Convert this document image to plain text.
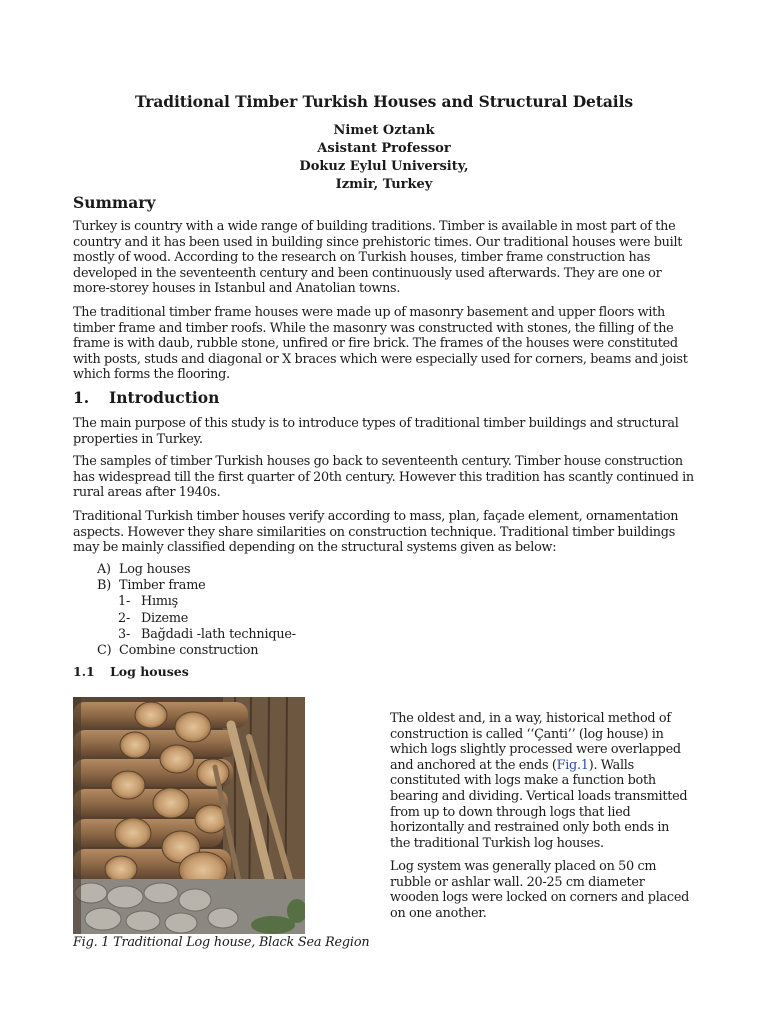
Traditional Timber Turkish Houses and Structural Details
Nimet Oztank
Asistant Professor
Dokuz Eylul University,
Izmir, Turkey
Summary

Turkey is country with a wide range of building traditions. Timber is available in most part of the country and it has been used in building since prehistoric times. Our traditional houses were built mostly of wood. According to the research on Turkish houses, timber frame construction has developed in the seventeenth century and been continuously used afterwards. They are one or more-storey houses in Istanbul and Anatolian towns.

The traditional timber frame houses were made up of masonry basement and upper floors with timber frame and timber roofs. While the masonry was constructed with stones, the filling of the frame is with daub, rubble stone, unfired or fire brick. The frames of the houses were constituted with posts, studs and diagonal or X braces which were especially used for corners, beams and joist which forms the flooring.

1. Introduction

The main purpose of this study is to introduce types of traditional timber buildings and structural properties in Turkey.

The samples of timber Turkish houses go back to seventeenth century. Timber house construction has widespread till the first quarter of 20th century. However this tradition has scantly continued in rural areas after 1940s.

Traditional Turkish timber houses verify according to mass, plan, façade element, ornamentation aspects. However they share similarities on construction technique. Traditional timber buildings may be mainly classified depending on the structural systems given as below:

A) Log houses
B) Timber frame
1- Hımış
2- Dizeme
3- Bağdadi -lath technique-
C) Combine construction
1.1 Log houses

Fig. 1 Traditional Log house, Black Sea Region

The oldest and, in a way, historical method of construction is called ‘‘Çanti’’ (log house) in which logs slightly processed were overlapped and anchored at the ends (Fig.1). Walls constituted with logs make a function both bearing and dividing. Vertical loads transmitted from up to down through logs that lied horizontally and restrained only both ends in the traditional Turkish log houses.

Log system was generally placed on 50 cm rubble or ashlar wall. 20-25 cm diameter wooden logs were locked on corners and placed on one another.
